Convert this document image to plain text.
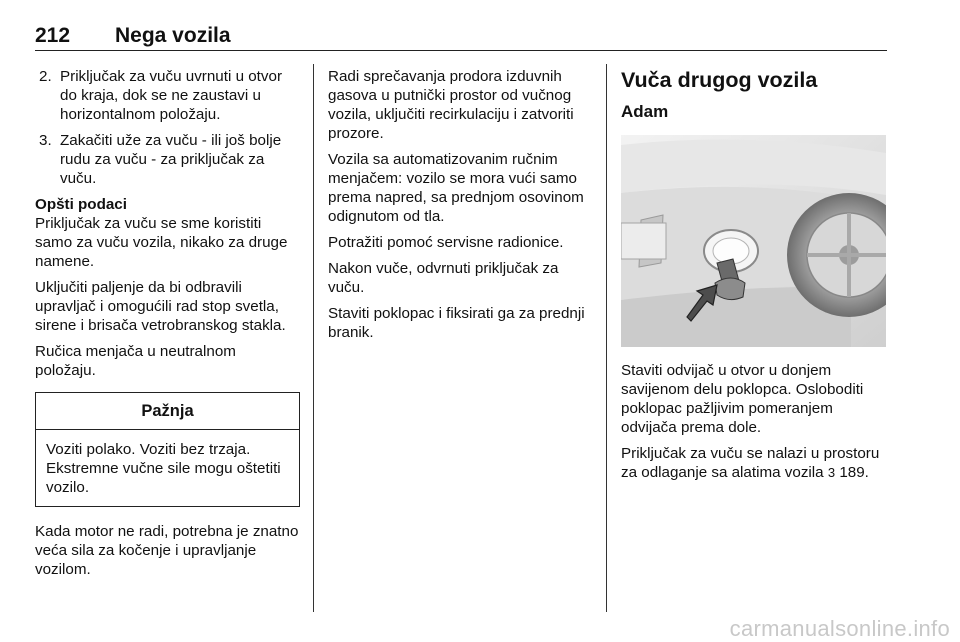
212 Nega vozila
2. Priključak za vuču uvrnuti u otvor do kraja, dok se ne zaustavi u horizontalnom položaju.
3. Zakačiti uže za vuču - ili još bolje rudu za vuču - za priključak za vuču.
Opšti podaci

Priključak za vuču se sme koristiti samo za vuču vozila, nikako za druge namene.

Uključiti paljenje da bi odbravili upravljač i omogućili rad stop svetla, sirene i brisača vetrobranskog stakla.

Ručica menjača u neutralnom položaju.

Pažnja
Voziti polako. Voziti bez trzaja. Ekstremne vučne sile mogu oštetiti vozilo.

Kada motor ne radi, potrebna je znatno veća sila za kočenje i upravljanje vozilom.

Radi sprečavanja prodora izduvnih gasova u putnički prostor od vučnog vozila, uključiti recirkulaciju i zatvoriti prozore.

Vozila sa automatizovanim ručnim menjačem: vozilo se mora vući samo prema napred, sa prednjom osovinom odignutom od tla.

Potražiti pomoć servisne radionice.

Nakon vuče, odvrnuti priključak za vuču.

Staviti poklopac i fiksirati ga za prednji branik.

Vuča drugog vozila
Adam

Staviti odvijač u otvor u donjem savijenom delu poklopca. Osloboditi poklopac pažljivim pomeranjem odvijača prema dole.

Priključak za vuču se nalazi u prostoru za odlaganje sa alatima vozila 3 189.

carmanualsonline.info
